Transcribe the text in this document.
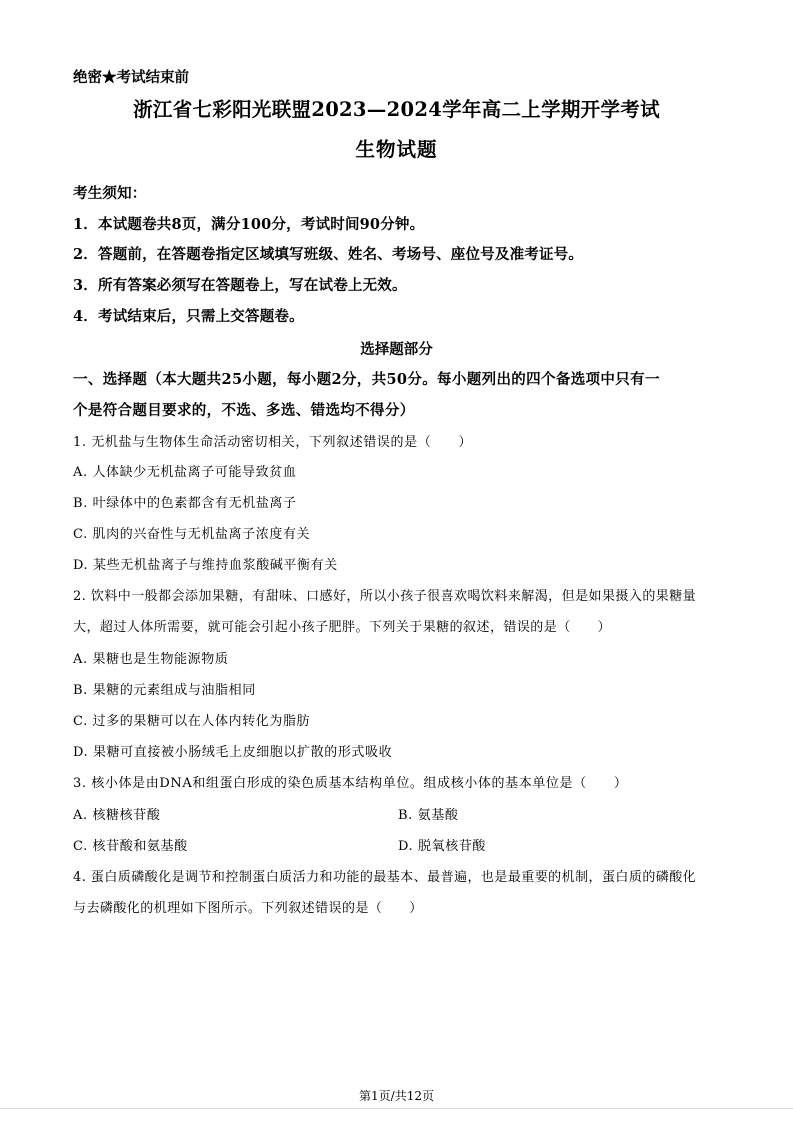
绝密★考试结束前
浙江省七彩阳光联盟2023—2024学年高二上学期开学考试
生物试题
考生须知：
1．本试题卷共8页，满分100分，考试时间90分钟。
2．答题前，在答题卷指定区域填写班级、姓名、考场号、座位号及准考证号。
3．所有答案必须写在答题卷上，写在试卷上无效。
4．考试结束后，只需上交答题卷。
选择题部分
一、选择题（本大题共25小题，每小题2分，共50分。每小题列出的四个备选项中只有一
个是符合题目要求的，不选、多选、错选均不得分）
1. 无机盐与生物体生命活动密切相关，下列叙述错误的是（　　）
A. 人体缺少无机盐离子可能导致贫血
B. 叶绿体中的色素都含有无机盐离子
C. 肌肉的兴奋性与无机盐离子浓度有关
D. 某些无机盐离子与维持血浆酸碱平衡有关
2. 饮料中一般都会添加果糖，有甜味、口感好，所以小孩子很喜欢喝饮料来解渴，但是如果摄入的果糖量
大，超过人体所需要，就可能会引起小孩子肥胖。下列关于果糖的叙述，错误的是（　　）
A. 果糖也是生物能源物质
B. 果糖的元素组成与油脂相同
C. 过多的果糖可以在人体内转化为脂肪
D. 果糖可直接被小肠绒毛上皮细胞以扩散的形式吸收
3. 核小体是由DNA和组蛋白形成的染色质基本结构单位。组成核小体的基本单位是（　　）
A. 核糖核苷酸	B. 氨基酸
C. 核苷酸和氨基酸	D. 脱氧核苷酸
4. 蛋白质磷酸化是调节和控制蛋白质活力和功能的最基本、最普遍，也是最重要的机制，蛋白质的磷酸化
与去磷酸化的机理如下图所示。下列叙述错误的是（　　）
第1页/共12页
